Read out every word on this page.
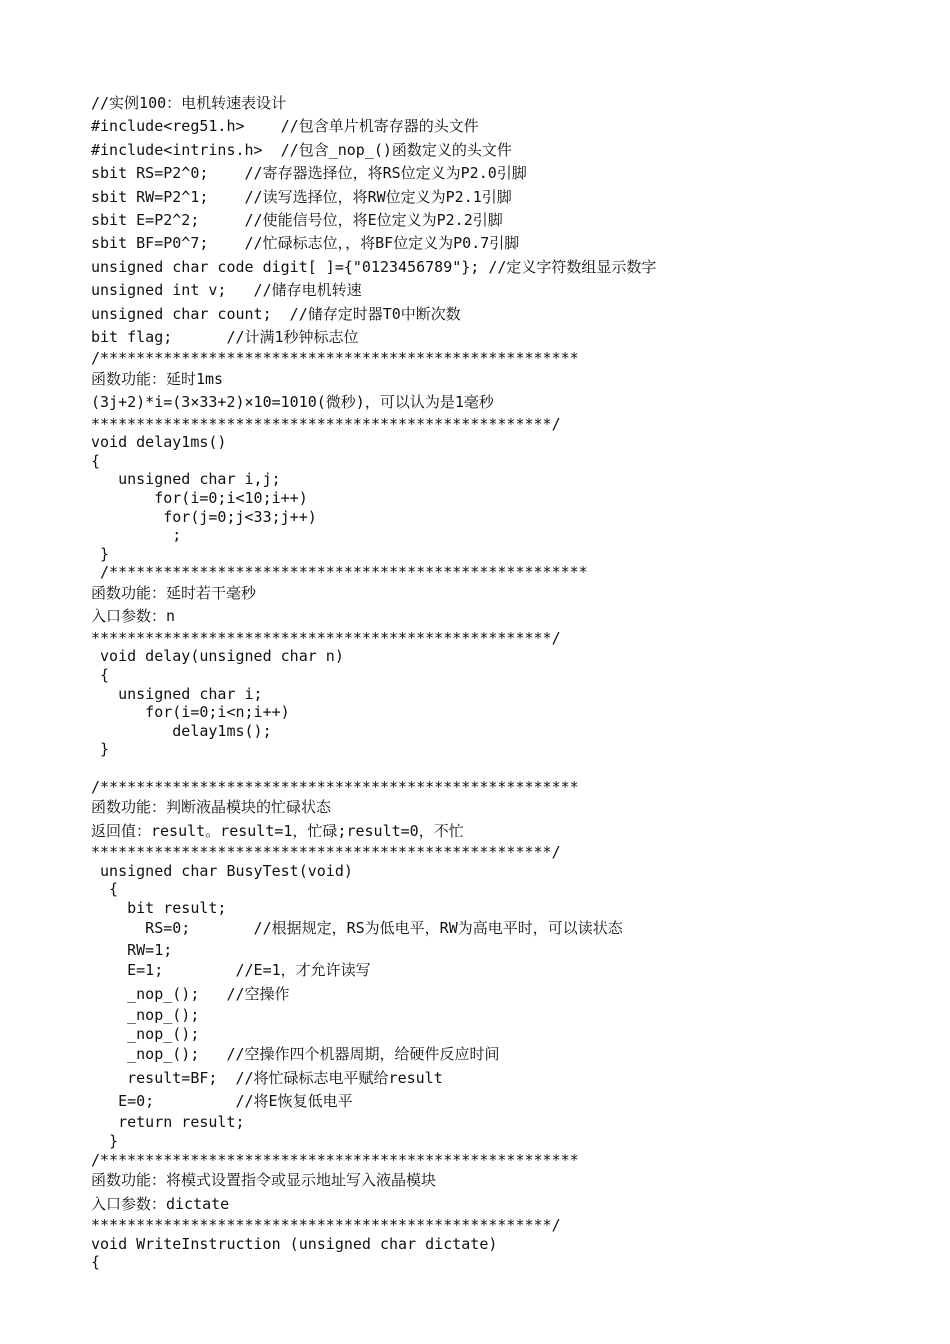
//实例100：电机转速表设计
#include<reg51.h>    //包含单片机寄存器的头文件
#include<intrins.h>  //包含_nop_()函数定义的头文件
sbit RS=P2^0;    //寄存器选择位，将RS位定义为P2.0引脚
sbit RW=P2^1;    //读写选择位，将RW位定义为P2.1引脚
sbit E=P2^2;     //使能信号位，将E位定义为P2.2引脚
sbit BF=P0^7;    //忙碌标志位，，将BF位定义为P0.7引脚
unsigned char code digit[ ]={"0123456789"}; //定义字符数组显示数字
unsigned int v;   //储存电机转速
unsigned char count;  //储存定时器T0中断次数
bit flag;      //计满1秒钟标志位
/*****************************************************
函数功能：延时1ms
(3j+2)*i=(3×33+2)×10=1010(微秒)，可以认为是1毫秒
***************************************************/
void delay1ms()
{
unsigned char i,j;
for(i=0;i<10;i++)
for(j=0;j<33;j++)
;
}
/*****************************************************
函数功能：延时若干毫秒
入口参数：n
***************************************************/
void delay(unsigned char n)
{
unsigned char i;
for(i=0;i<n;i++)
delay1ms();
}
/*****************************************************
函数功能：判断液晶模块的忙碌状态
返回值：result。result=1，忙碌;result=0，不忙
***************************************************/
unsigned char BusyTest(void)
{
bit result;
RS=0;       //根据规定，RS为低电平，RW为高电平时，可以读状态
RW=1;
E=1;        //E=1，才允许读写
_nop_();   //空操作
_nop_();
_nop_();
_nop_();   //空操作四个机器周期，给硬件反应时间
result=BF;  //将忙碌标志电平赋给result
E=0;         //将E恢复低电平
return result;
}
/*****************************************************
函数功能：将模式设置指令或显示地址写入液晶模块
入口参数：dictate
***************************************************/
void WriteInstruction (unsigned char dictate)
{
